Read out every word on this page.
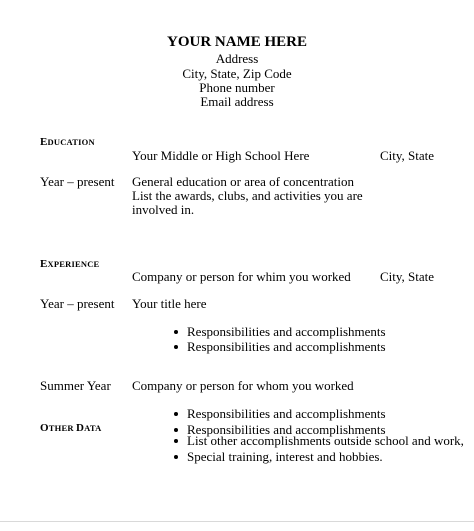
YOUR NAME HERE
Address
City, State, Zip Code
Phone number
Email address
EDUCATION
Your Middle or High School Here	City, State
Year – present General education or area of concentration
List the awards, clubs, and activities you are
involved in.
EXPERIENCE
Company or person for whim you worked City, State
Year – present Your title here
Responsibilities and accomplishments
Responsibilities and accomplishments
Summer Year Company or person for whom you worked
Responsibilities and accomplishments
Responsibilities and accomplishments
OTHER DATA
List other accomplishments outside school and work,
Special training, interest and hobbies.
